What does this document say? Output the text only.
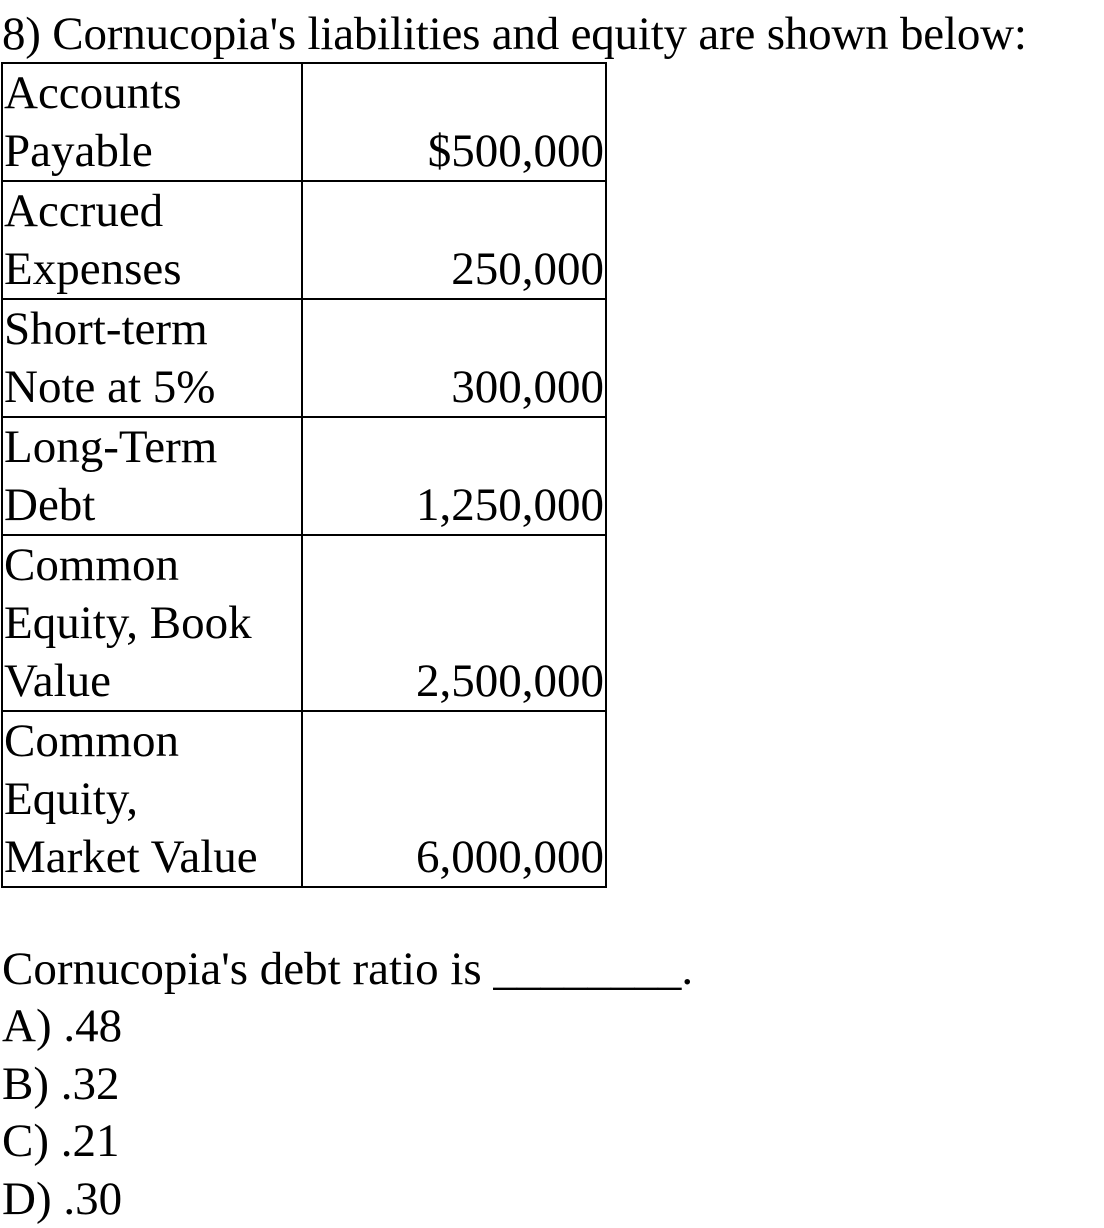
8) Cornucopia's liabilities and equity are shown below:
Accounts
Payable	$500,000

Accrued
Expenses	250,000

Short-term
Note at 5%	300,000

Long-Term
Debt	1,250,000

Common
Equity, Book
Value	2,500,000

Common
Equity,
Market Value	6,000,000
Cornucopia's debt ratio is ________.
A) .48
B) .32
C) .21
D) .30
